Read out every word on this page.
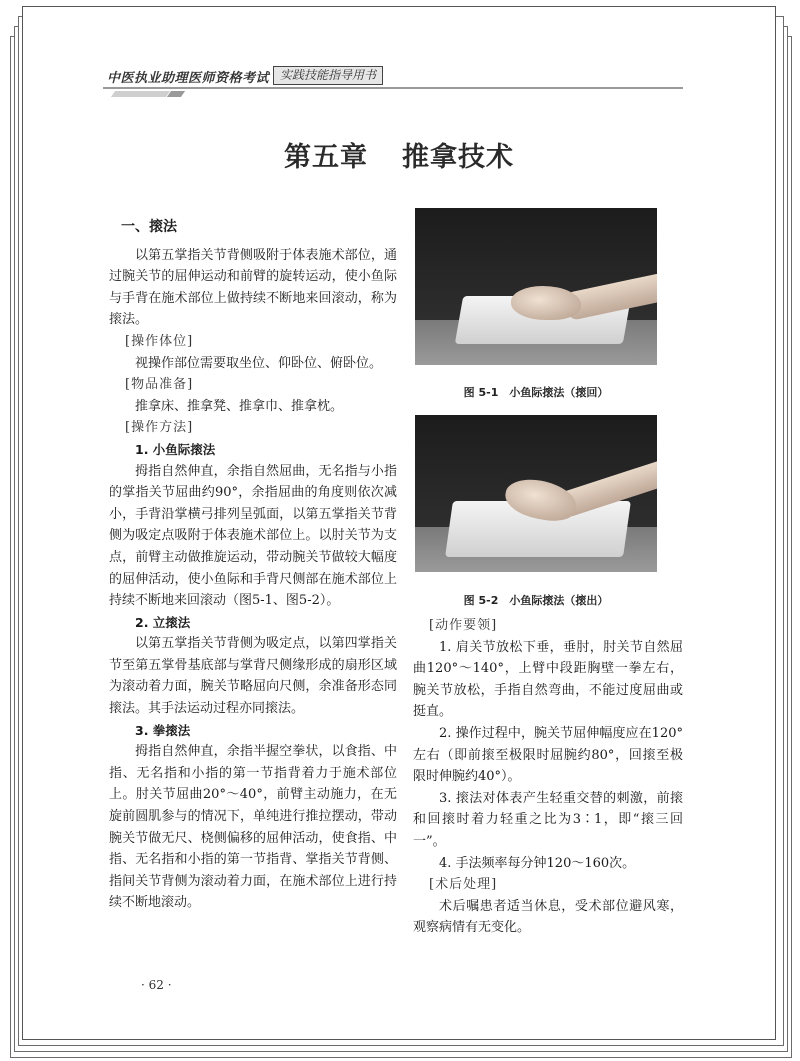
中医执业助理医师资格考试 实践技能指导用书
第五章 推拿技术
一、㨰法

以第五掌指关节背侧吸附于体表施术部位，通过腕关节的屈伸运动和前臂的旋转运动，使小鱼际与手背在施术部位上做持续不断地来回滚动，称为㨰法。

[操作体位]

视操作部位需要取坐位、仰卧位、俯卧位。

[物品准备]

推拿床、推拿凳、推拿巾、推拿枕。

[操作方法]

1. 小鱼际㨰法

拇指自然伸直，余指自然屈曲，无名指与小指的掌指关节屈曲约90°，余指屈曲的角度则依次减小，手背沿掌横弓排列呈弧面，以第五掌指关节背侧为吸定点吸附于体表施术部位上。以肘关节为支点，前臂主动做推旋运动，带动腕关节做较大幅度的屈伸活动，使小鱼际和手背尺侧部在施术部位上持续不断地来回滚动（图5-1、图5-2）。

2. 立㨰法

以第五掌指关节背侧为吸定点，以第四掌指关节至第五掌骨基底部与掌背尺侧缘形成的扇形区域为滚动着力面，腕关节略屈向尺侧，余准备形态同㨰法。其手法运动过程亦同㨰法。

3. 拳㨰法

拇指自然伸直，余指半握空拳状，以食指、中指、无名指和小指的第一节指背着力于施术部位上。肘关节屈曲20°～40°，前臂主动施力，在无旋前圆肌参与的情况下，单纯进行推拉摆动，带动腕关节做无尺、桡侧偏移的屈伸活动，使食指、中指、无名指和小指的第一节指背、掌指关节背侧、指间关节背侧为滚动着力面，在施术部位上进行持续不断地滚动。

图 5-1　小鱼际㨰法（㨰回）
图 5-2　小鱼际㨰法（㨰出）

[动作要领]

1. 肩关节放松下垂，垂肘，肘关节自然屈曲120°～140°，上臂中段距胸壁一拳左右，腕关节放松，手指自然弯曲，不能过度屈曲或挺直。

2. 操作过程中，腕关节屈伸幅度应在120°左右（即前㨰至极限时屈腕约80°，回㨰至极限时伸腕约40°）。

3. 㨰法对体表产生轻重交替的刺激，前㨰和回㨰时着力轻重之比为3∶1，即“㨰三回一”。

4. 手法频率每分钟120～160次。

[术后处理]

术后嘱患者适当休息，受术部位避风寒，观察病情有无变化。

· 62 ·
